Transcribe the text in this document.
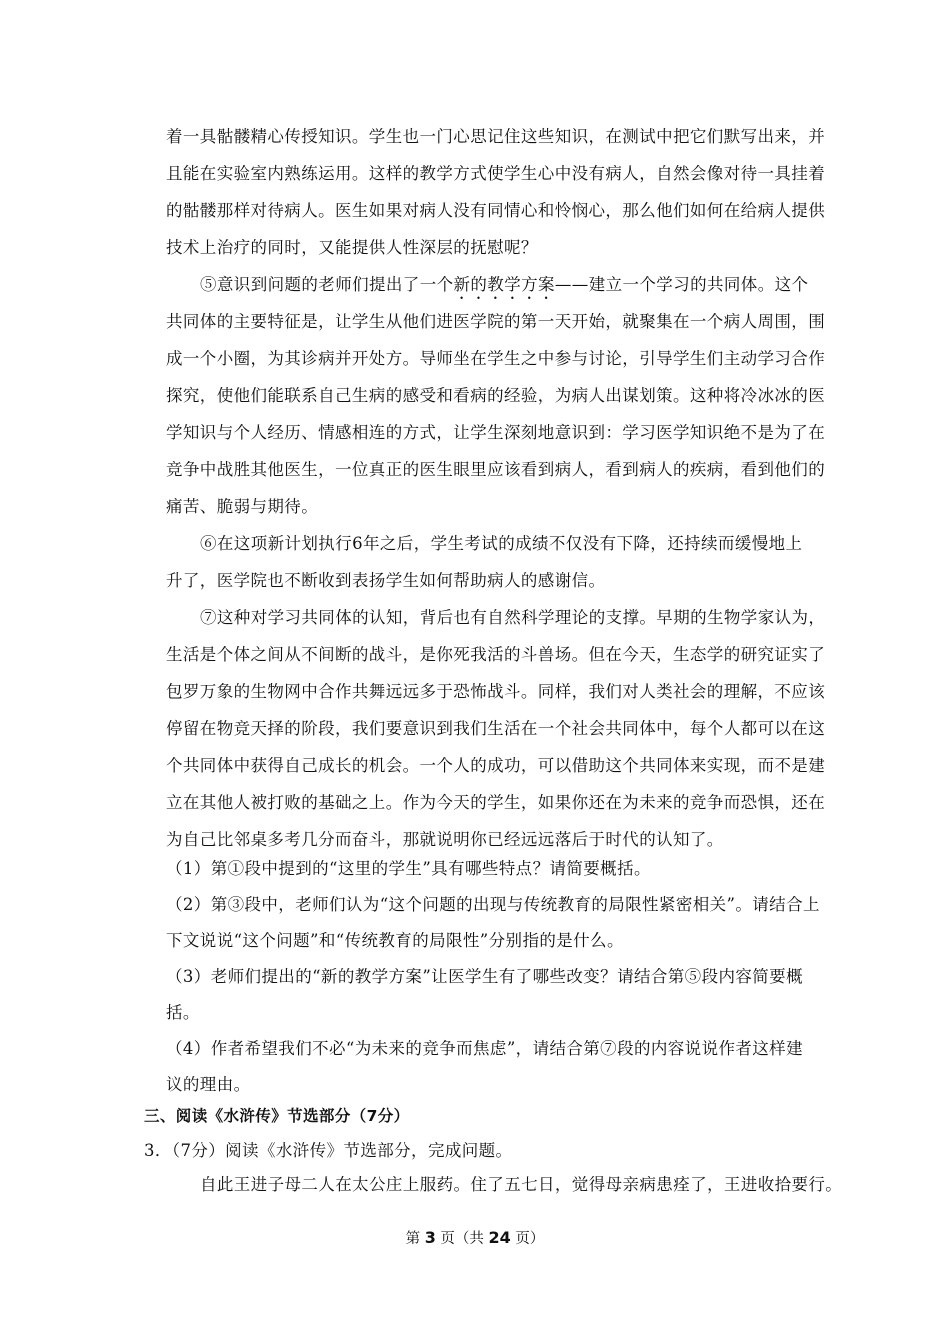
着一具骷髅精心传授知识。学生也一门心思记住这些知识，在测试中把它们默写出来，并
且能在实验室内熟练运用。这样的教学方式使学生心中没有病人，自然会像对待一具挂着
的骷髅那样对待病人。医生如果对病人没有同情心和怜悯心，那么他们如何在给病人提供
技术上治疗的同时，又能提供人性深层的抚慰呢？
⑤意识到问题的老师们提出了一个新的教学方案——建立一个学习的共同体。这个
共同体的主要特征是，让学生从他们进医学院的第一天开始，就聚集在一个病人周围，围
成一个小圈，为其诊病并开处方。导师坐在学生之中参与讨论，引导学生们主动学习合作
探究，使他们能联系自己生病的感受和看病的经验，为病人出谋划策。这种将冷冰冰的医
学知识与个人经历、情感相连的方式，让学生深刻地意识到：学习医学知识绝不是为了在
竞争中战胜其他医生，一位真正的医生眼里应该看到病人，看到病人的疾病，看到他们的
痛苦、脆弱与期待。
⑥在这项新计划执行6年之后，学生考试的成绩不仅没有下降，还持续而缓慢地上
升了，医学院也不断收到表扬学生如何帮助病人的感谢信。
⑦这种对学习共同体的认知，背后也有自然科学理论的支撑。早期的生物学家认为，
生活是个体之间从不间断的战斗，是你死我活的斗兽场。但在今天，生态学的研究证实了
包罗万象的生物网中合作共舞远远多于恐怖战斗。同样，我们对人类社会的理解，不应该
停留在物竞天择的阶段，我们要意识到我们生活在一个社会共同体中，每个人都可以在这
个共同体中获得自己成长的机会。一个人的成功，可以借助这个共同体来实现，而不是建
立在其他人被打败的基础之上。作为今天的学生，如果你还在为未来的竞争而恐惧，还在
为自己比邻桌多考几分而奋斗，那就说明你已经远远落后于时代的认知了。
（1）第①段中提到的“这里的学生”具有哪些特点？请简要概括。
（2）第③段中，老师们认为“这个问题的出现与传统教育的局限性紧密相关”。请结合上
下文说说“这个问题”和“传统教育的局限性”分别指的是什么。
（3）老师们提出的“新的教学方案”让医学生有了哪些改变？请结合第⑤段内容简要概
括。
（4）作者希望我们不必“为未来的竞争而焦虑”，请结合第⑦段的内容说说作者这样建
议的理由。
三、阅读《水浒传》节选部分（7分）
3．（7分）阅读《水浒传》节选部分，完成问题。
自此王进子母二人在太公庄上服药。住了五七日，觉得母亲病患痊了，王进收拾要行。
第 3 页（共 24 页）
